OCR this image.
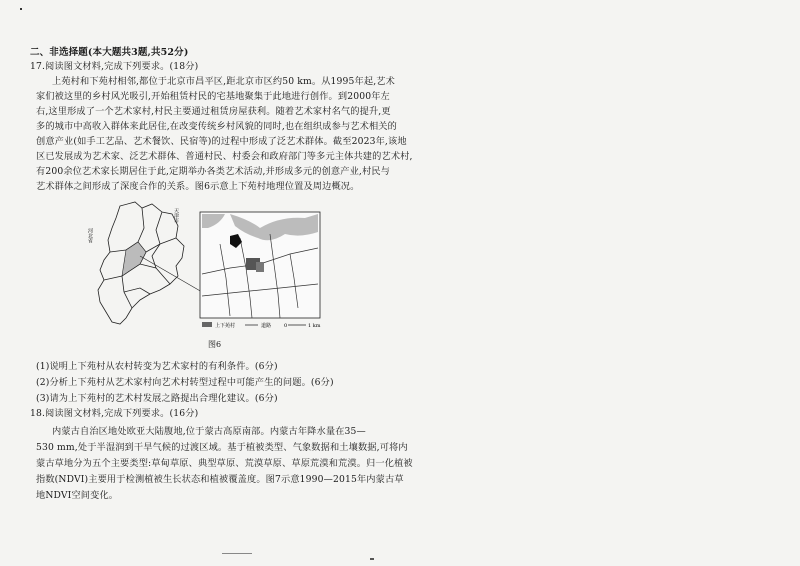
二、非选择题(本大题共3题,共52分)
17.阅读图文材料,完成下列要求。(18分)
上苑村和下苑村相邻,都位于北京市昌平区,距北京市区约50 km。从1995年起,艺术
家们被这里的乡村风光吸引,开始租赁村民的宅基地聚集于此地进行创作。到2000年左
右,这里形成了一个艺术家村,村民主要通过租赁房屋获利。随着艺术家村名气的提升,更
多的城市中高收入群体来此居住,在改变传统乡村风貌的同时,也在组织成参与艺术相关的
创意产业(如手工艺品、艺术餐饮、民宿等)的过程中形成了泛艺术群体。截至2023年,该地
区已发展成为艺术家、泛艺术群体、普通村民、村委会和政府部门等多元主体共建的艺术村,
有200余位艺术家长期居住于此,定期举办各类艺术活动,并形成多元的创意产业,村民与
艺术群体之间形成了深度合作的关系。图6示意上下苑村地理位置及周边概况。
河北省
天津市
上下苑村	道路	0	1 km
图6
(1)说明上下苑村从农村转变为艺术家村的有利条件。(6分)
(2)分析上下苑村从艺术家村向艺术村转型过程中可能产生的问题。(6分)
(3)请为上下苑村的艺术村发展之路提出合理化建议。(6分)
18.阅读图文材料,完成下列要求。(16分)
内蒙古自治区地处欧亚大陆腹地,位于蒙古高原南部。内蒙古年降水量在35—
530 mm,处于半湿润到干旱气候的过渡区域。基于植被类型、气象数据和土壤数据,可将内
蒙古草地分为五个主要类型:草甸草原、典型草原、荒漠草原、草原荒漠和荒漠。归一化植被
指数(NDVI)主要用于检测植被生长状态和植被覆盖度。图7示意1990—2015年内蒙古草
地NDVI空间变化。
